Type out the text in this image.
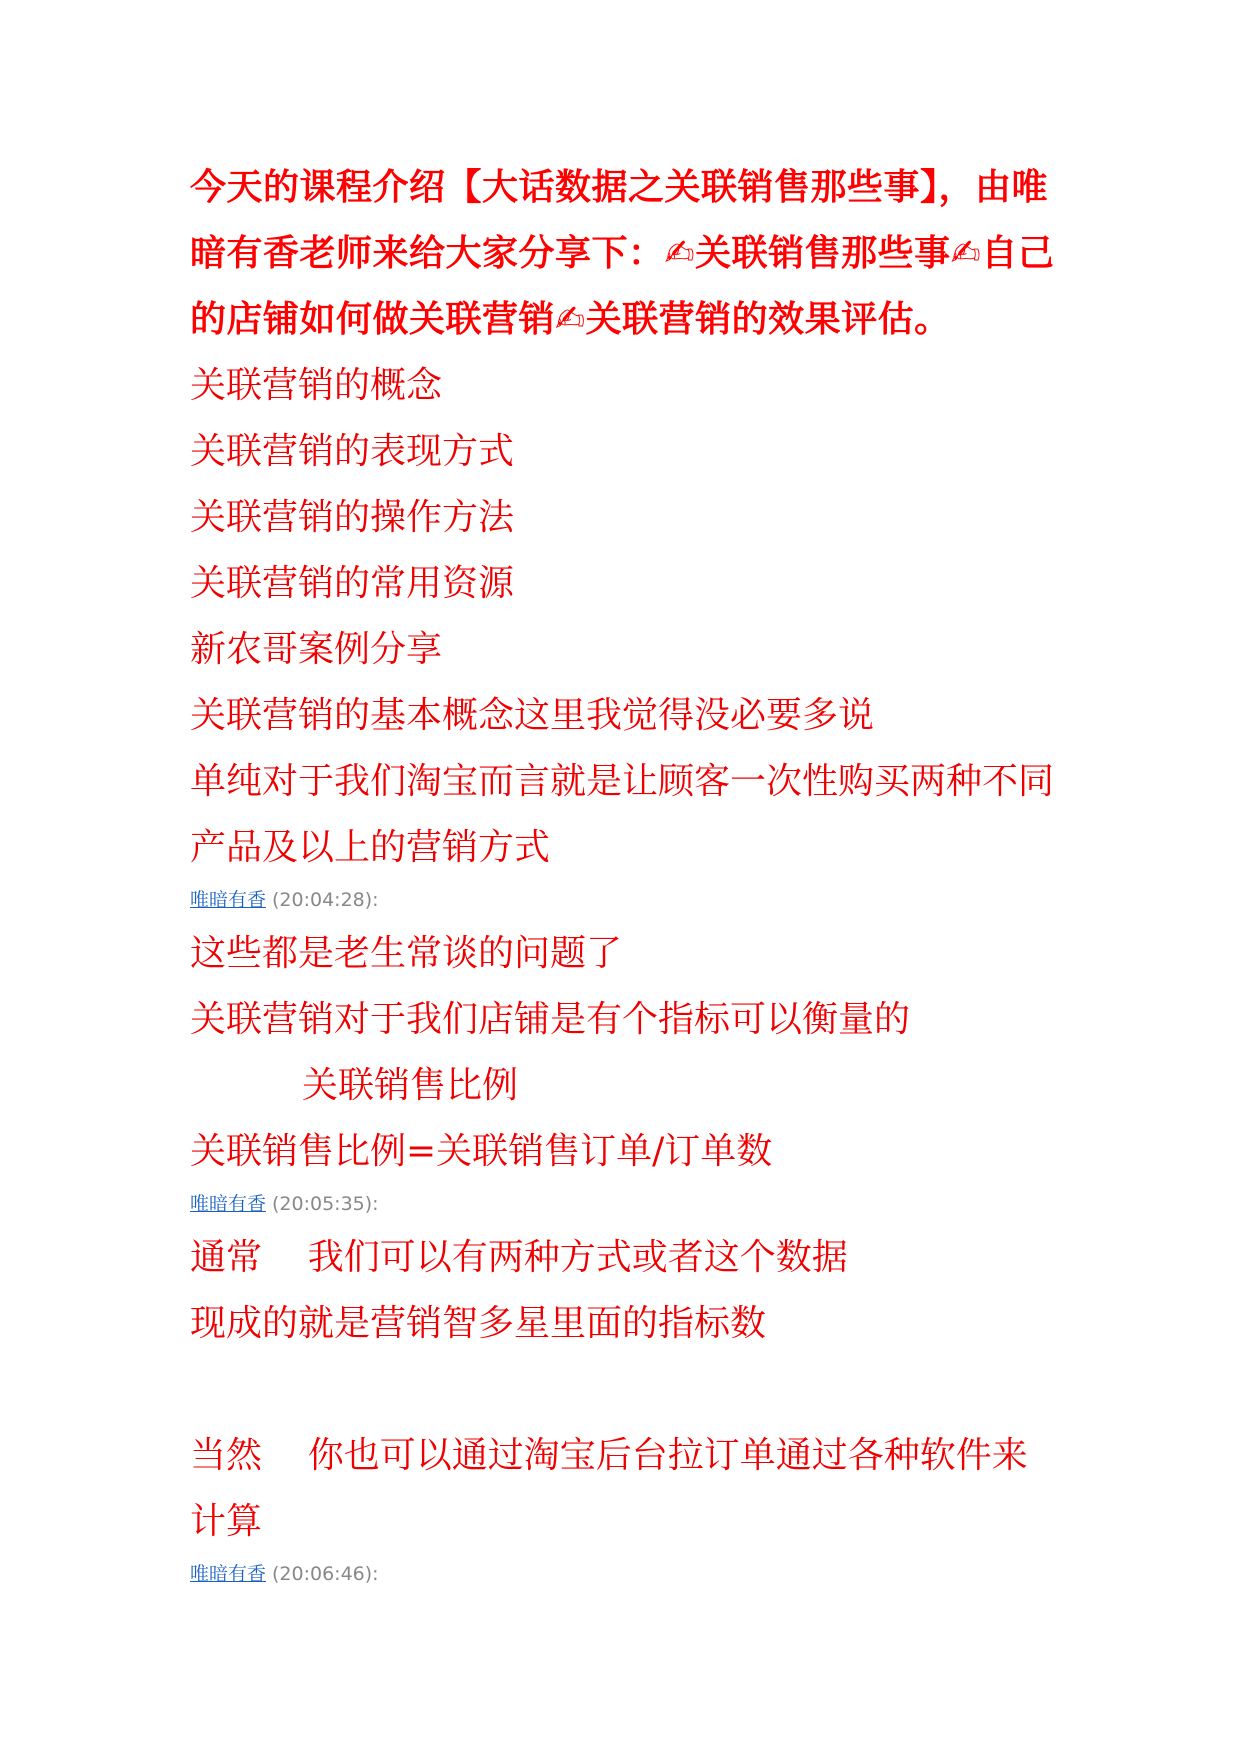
今天的课程介绍【大话数据之关联销售那些事】，由唯暗有香老师来给大家分享下：✍关联销售那些事✍自己的店铺如何做关联营销✍关联营销的效果评估。

关联营销的概念

关联营销的表现方式

关联营销的操作方法

关联营销的常用资源

新农哥案例分享

关联营销的基本概念这里我觉得没必要多说

单纯对于我们淘宝而言就是让顾客一次性购买两种不同产品及以上的营销方式

唯暗有香 (20:04:28):

这些都是老生常谈的问题了

关联营销对于我们店铺是有个指标可以衡量的

关联销售比例

关联销售比例=关联销售订单/订单数

唯暗有香 (20:05:35):

通常    我们可以有两种方式或者这个数据

现成的就是营销智多星里面的指标数

当然    你也可以通过淘宝后台拉订单通过各种软件来计算

唯暗有香 (20:06:46):
